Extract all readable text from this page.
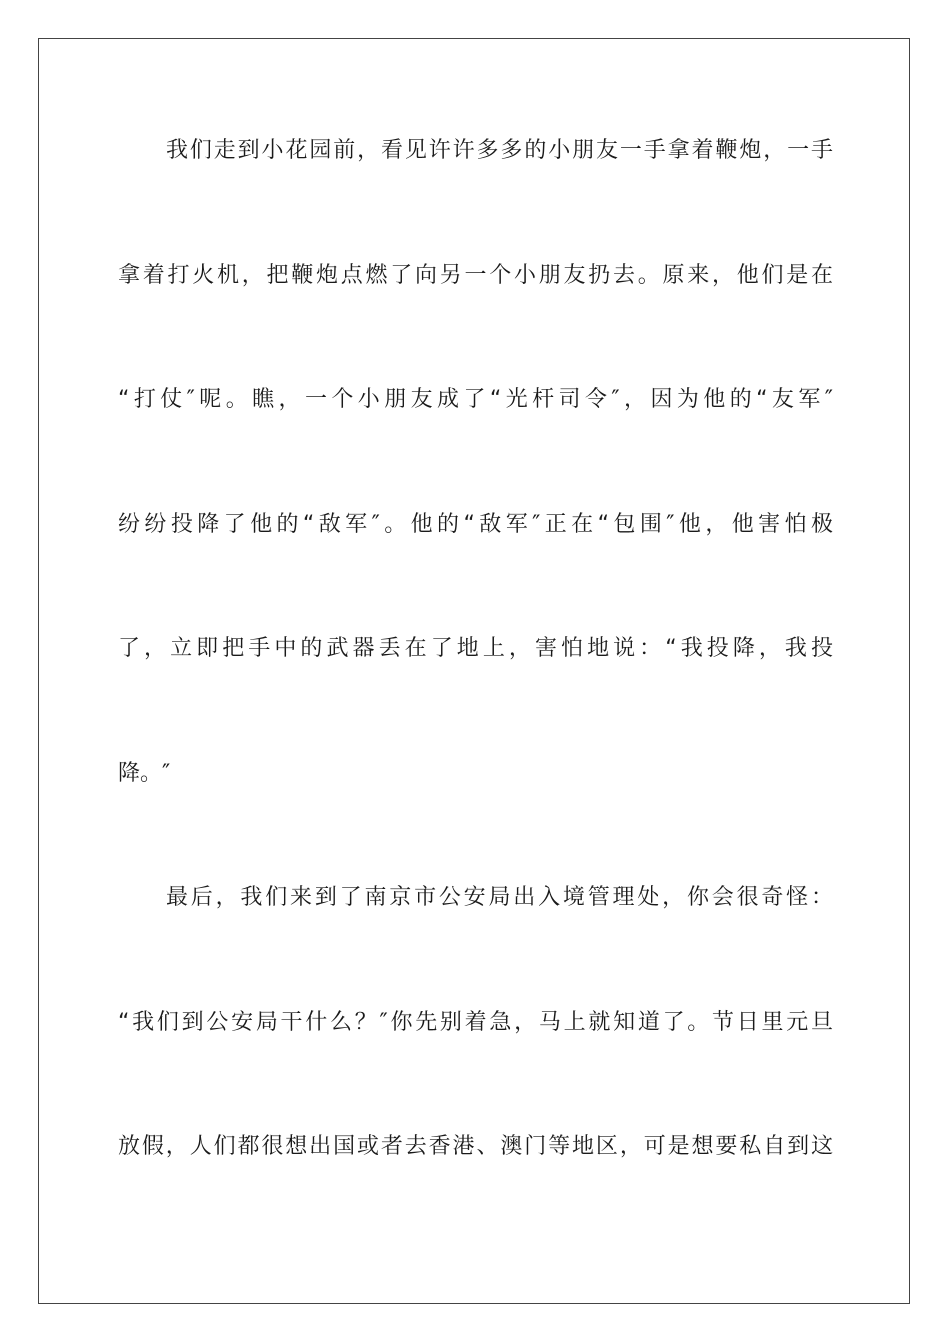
我们走到小花园前，看见许许多多的小朋友一手拿着鞭炮，一手
拿着打火机，把鞭炮点燃了向另一个小朋友扔去。原来，他们是在
“打仗″呢。瞧，一个小朋友成了“光杆司令″，因为他的“友军″
纷纷投降了他的“敌军″。他的“敌军″正在“包围″他，他害怕极
了，立即把手中的武器丢在了地上，害怕地说：“我投降，我投
降。″
最后，我们来到了南京市公安局出入境管理处，你会很奇怪：
“我们到公安局干什么？″你先别着急，马上就知道了。节日里元旦
放假，人们都很想出国或者去香港、澳门等地区，可是想要私自到这
